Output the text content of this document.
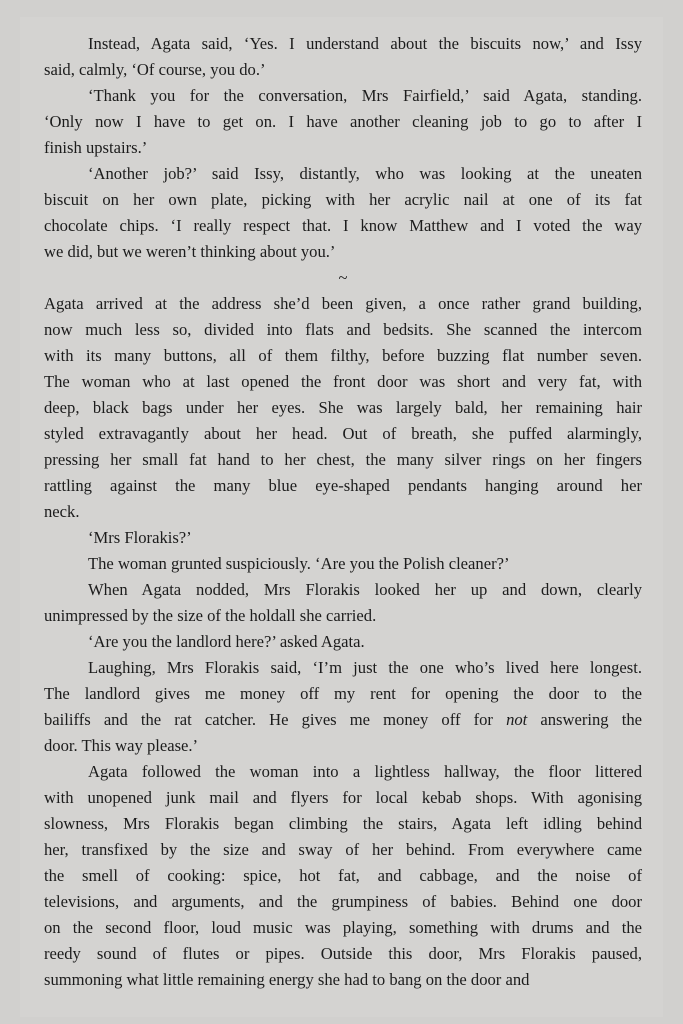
Instead, Agata said, ‘Yes. I understand about the biscuits now,’ and Issy
said, calmly, ‘Of course, you do.’
‘Thank you for the conversation, Mrs Fairfield,’ said Agata, standing.
‘Only now I have to get on. I have another cleaning job to go to after I
finish upstairs.’
‘Another job?’ said Issy, distantly, who was looking at the uneaten
biscuit on her own plate, picking with her acrylic nail at one of its fat
chocolate chips. ‘I really respect that. I know Matthew and I voted the way
we did, but we weren’t thinking about you.’
~
Agata arrived at the address she’d been given, a once rather grand building,
now much less so, divided into flats and bedsits. She scanned the intercom
with its many buttons, all of them filthy, before buzzing flat number seven.
The woman who at last opened the front door was short and very fat, with
deep, black bags under her eyes. She was largely bald, her remaining hair
styled extravagantly about her head. Out of breath, she puffed alarmingly,
pressing her small fat hand to her chest, the many silver rings on her fingers
rattling against the many blue eye-shaped pendants hanging around her
neck.
‘Mrs Florakis?’
The woman grunted suspiciously. ‘Are you the Polish cleaner?’
When Agata nodded, Mrs Florakis looked her up and down, clearly
unimpressed by the size of the holdall she carried.
‘Are you the landlord here?’ asked Agata.
Laughing, Mrs Florakis said, ‘I’m just the one who’s lived here longest.
The landlord gives me money off my rent for opening the door to the
bailiffs and the rat catcher. He gives me money off for not answering the
door. This way please.’
Agata followed the woman into a lightless hallway, the floor littered
with unopened junk mail and flyers for local kebab shops. With agonising
slowness, Mrs Florakis began climbing the stairs, Agata left idling behind
her, transfixed by the size and sway of her behind. From everywhere came
the smell of cooking: spice, hot fat, and cabbage, and the noise of
televisions, and arguments, and the grumpiness of babies. Behind one door
on the second floor, loud music was playing, something with drums and the
reedy sound of flutes or pipes. Outside this door, Mrs Florakis paused,
summoning what little remaining energy she had to bang on the door and
